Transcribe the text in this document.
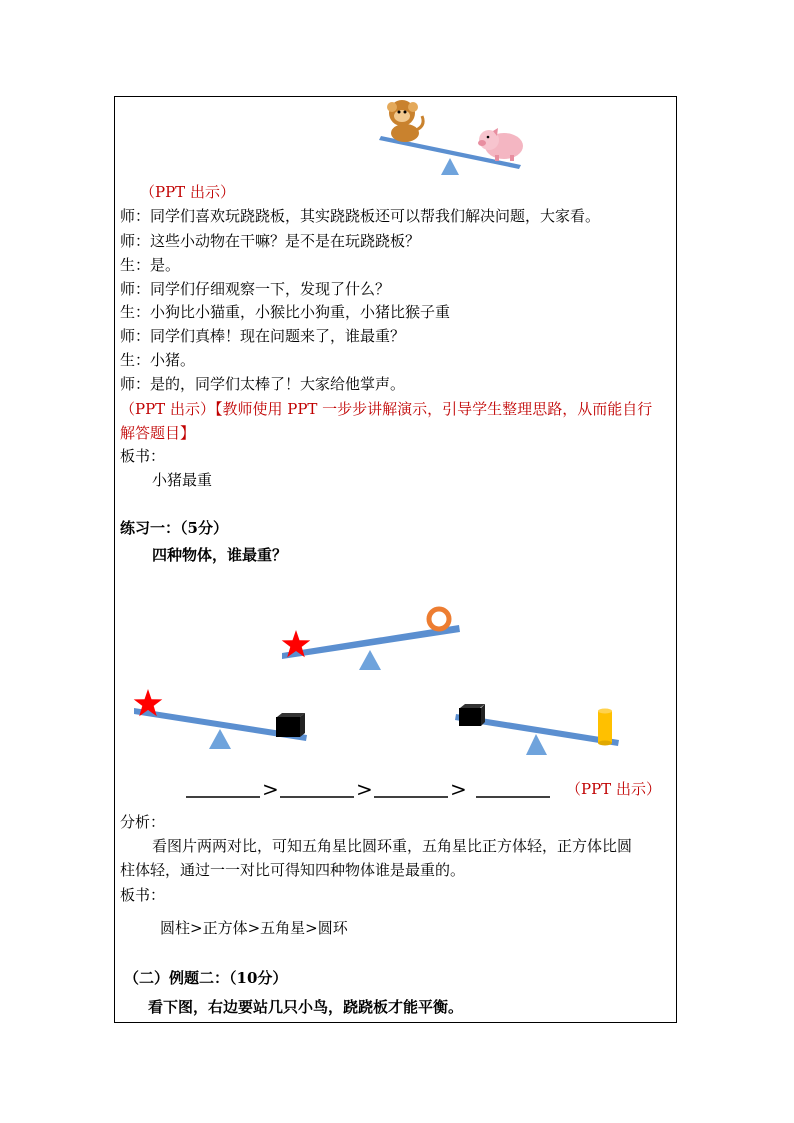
（PPT 出示）
师：同学们喜欢玩跷跷板，其实跷跷板还可以帮我们解决问题，大家看。
师：这些小动物在干嘛？是不是在玩跷跷板？
生：是。
师：同学们仔细观察一下，发现了什么？
生：小狗比小猫重，小猴比小狗重，小猪比猴子重
师：同学们真棒！现在问题来了，谁最重？
生：小猪。
师：是的，同学们太棒了！大家给他掌声。
（PPT 出示）【教师使用 PPT 一步步讲解演示，引导学生整理思路，从而能自行
解答题目】
板书：
小猪最重
练习一：（5分）
四种物体，谁最重？
>	>	>	（PPT 出示）
分析：
看图片两两对比，可知五角星比圆环重，五角星比正方体轻，正方体比圆
柱体轻，通过一一对比可得知四种物体谁是最重的。
板书：
圆柱>正方体>五角星>圆环
（二）例题二：（10分）
看下图，右边要站几只小鸟，跷跷板才能平衡。
